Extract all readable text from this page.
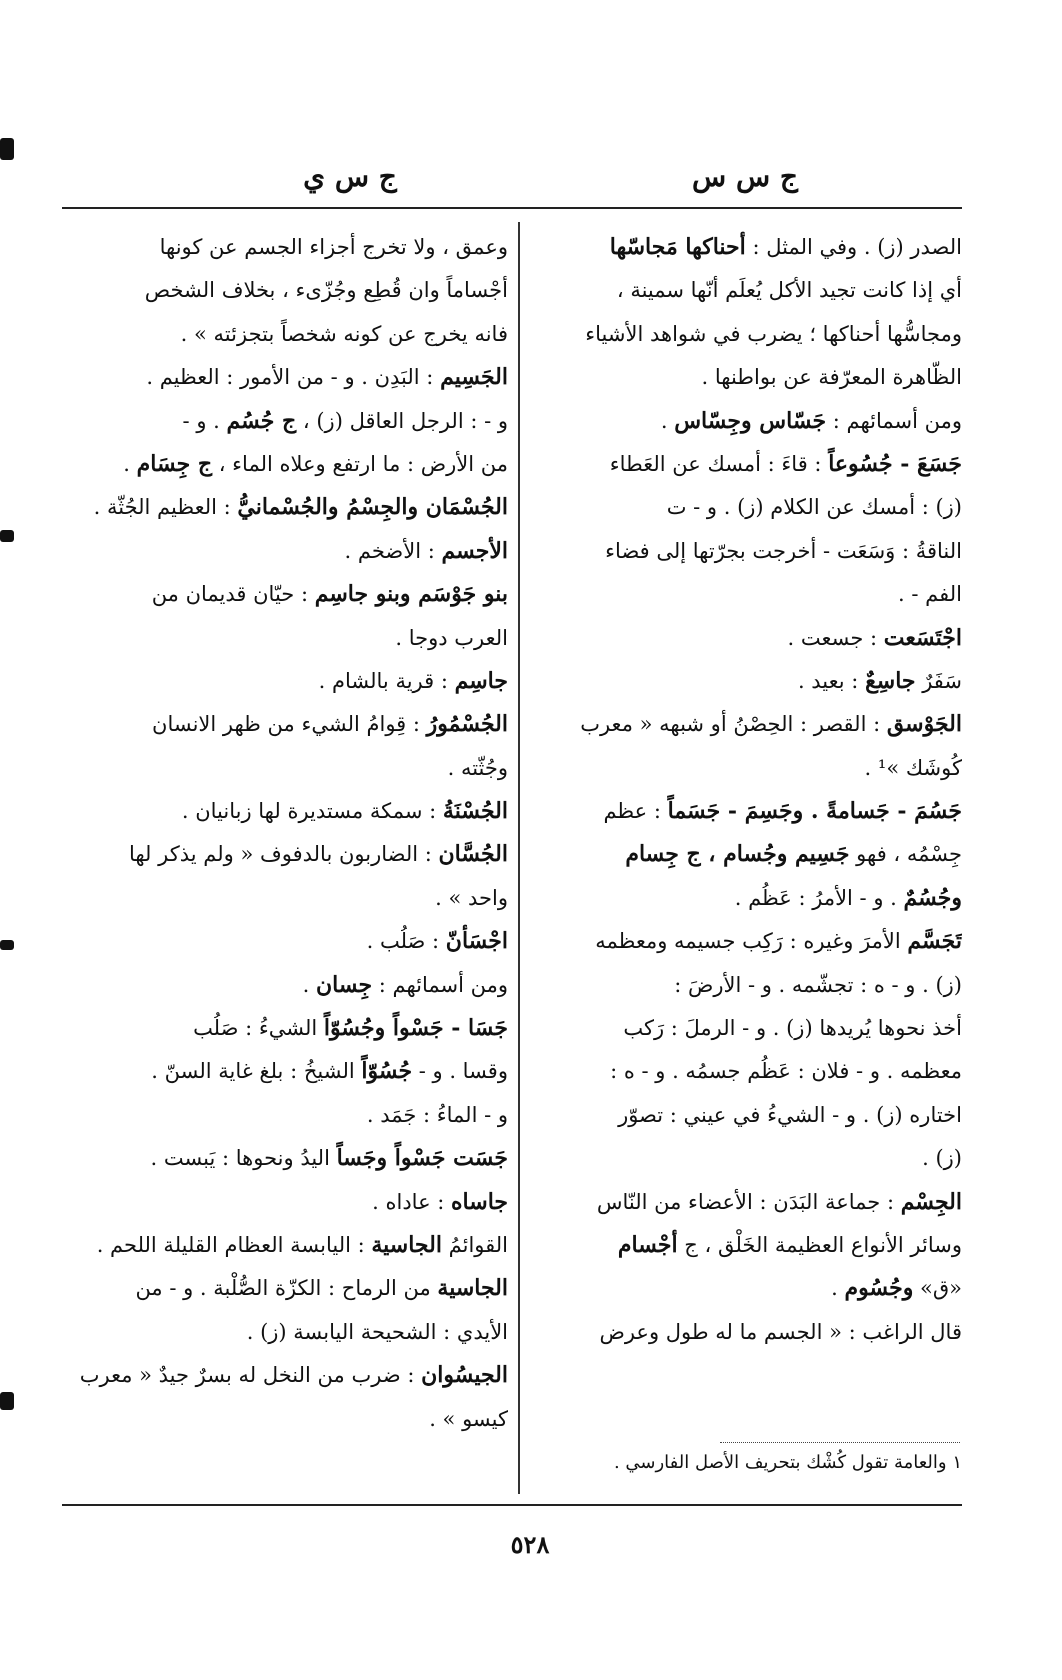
ج س س
ج س ي
الصدر (ز) . وفي المثل : أحناكها مَجاسّها
أي إذا كانت تجيد الأكل يُعلَم أنّها سمينة ،
ومجاسُّها أحناكها ؛ يضرب في شواهد الأشياء
الظّاهرة المعرّفة عن بواطنها .
ومن أسمائهم : جَسّاس وجِسّاس .
جَسَعَ - جُسُوعاً : قاءَ : أمسك عن العَطاء
(ز) : أمسك عن الكلام (ز) . و - ت
الناقةُ : وَسَعَت - أخرجت بجرّتها إلى فضاء
الفم - .
اجْتَسَعت : جسعت .
سَفَرٌ جاسِعٌ : بعيد .
الجَوْسق : القصر : الحِصْنُ أو شبهه « معرب
كُوشَك »¹ .
جَسُمَ - جَسامةً . وجَسِمَ - جَسَماً : عظم
جِسْمُه ، فهو جَسِيم وجُسام ، ج جِسام
وجُسُمٌ . و - الأمرُ : عَظُم .
تَجَسَّم الأمرَ وغيره : رَكِب جسيمه ومعظمه
(ز) . و - ه : تجشّمه . و - الأرضَ :
أخذ نحوها يُريدها (ز) . و - الرملَ : رَكب
معظمه . و - فلان : عَظُم جسمُه . و - ه :
اختاره (ز) . و - الشيءُ في عيني : تصوّر
(ز) .
الجِسْم : جماعة البَدَن : الأعضاء من النّاس
وسائر الأنواع العظيمة الخَلْق ، ج أجْسام
«ق» وجُسُوم .
قال الراغب : « الجسم ما له طول وعرض
وعمق ، ولا تخرج أجزاء الجسم عن كونها
أجْساماً وان قُطِع وجُزّىء ، بخلاف الشخص
فانه يخرج عن كونه شخصاً بتجزئته » .
الجَسِيم : البَدِن . و - من الأمور : العظيم .
و - : الرجل العاقل (ز) ، ج جُسُم . و -
من الأرض : ما ارتفع وعلاه الماء ، ج جِسَام .
الجُسْمَان والجِسْمُ والجُسْمانيُّ : العظيم الجُثّة .
الأجسم : الأضخم .
بنو جَوْسَم وبنو جاسِم : حيّان قديمان من
العرب دوجا .
جاسِم : قرية بالشام .
الجُسْمُورُ : قِوامُ الشيء من ظهر الانسان
وجُثّته .
الجُسْنَةُ : سمكة مستديرة لها زبانيان .
الجُسَّان : الضاربون بالدفوف « ولم يذكر لها
واحد » .
اجْسَأنّ : صَلُب .
ومن أسمائهم : جِسان .
جَسَا - جَسْواً وجُسُوّاً الشيءُ : صَلُب
وقسا . و - جُسُوّاً الشيخُ : بلغ غاية السنّ .
و - الماءُ : جَمَد .
جَسَت جَسْواً وجَساً اليدُ ونحوها : يَبست .
جاساه : عاداه .
القوائمُ الجاسية : اليابسة العظام القليلة اللحم .
الجاسية من الرماح : الكزّة الصُّلْبة . و - من
الأيدي : الشحيحة اليابسة (ز) .
الجيسُوان : ضرب من النخل له بسرٌ جيدٌ « معرب
كيسو » .
١ والعامة تقول كُشْك بتحريف الأصل الفارسي .
٥٢٨
